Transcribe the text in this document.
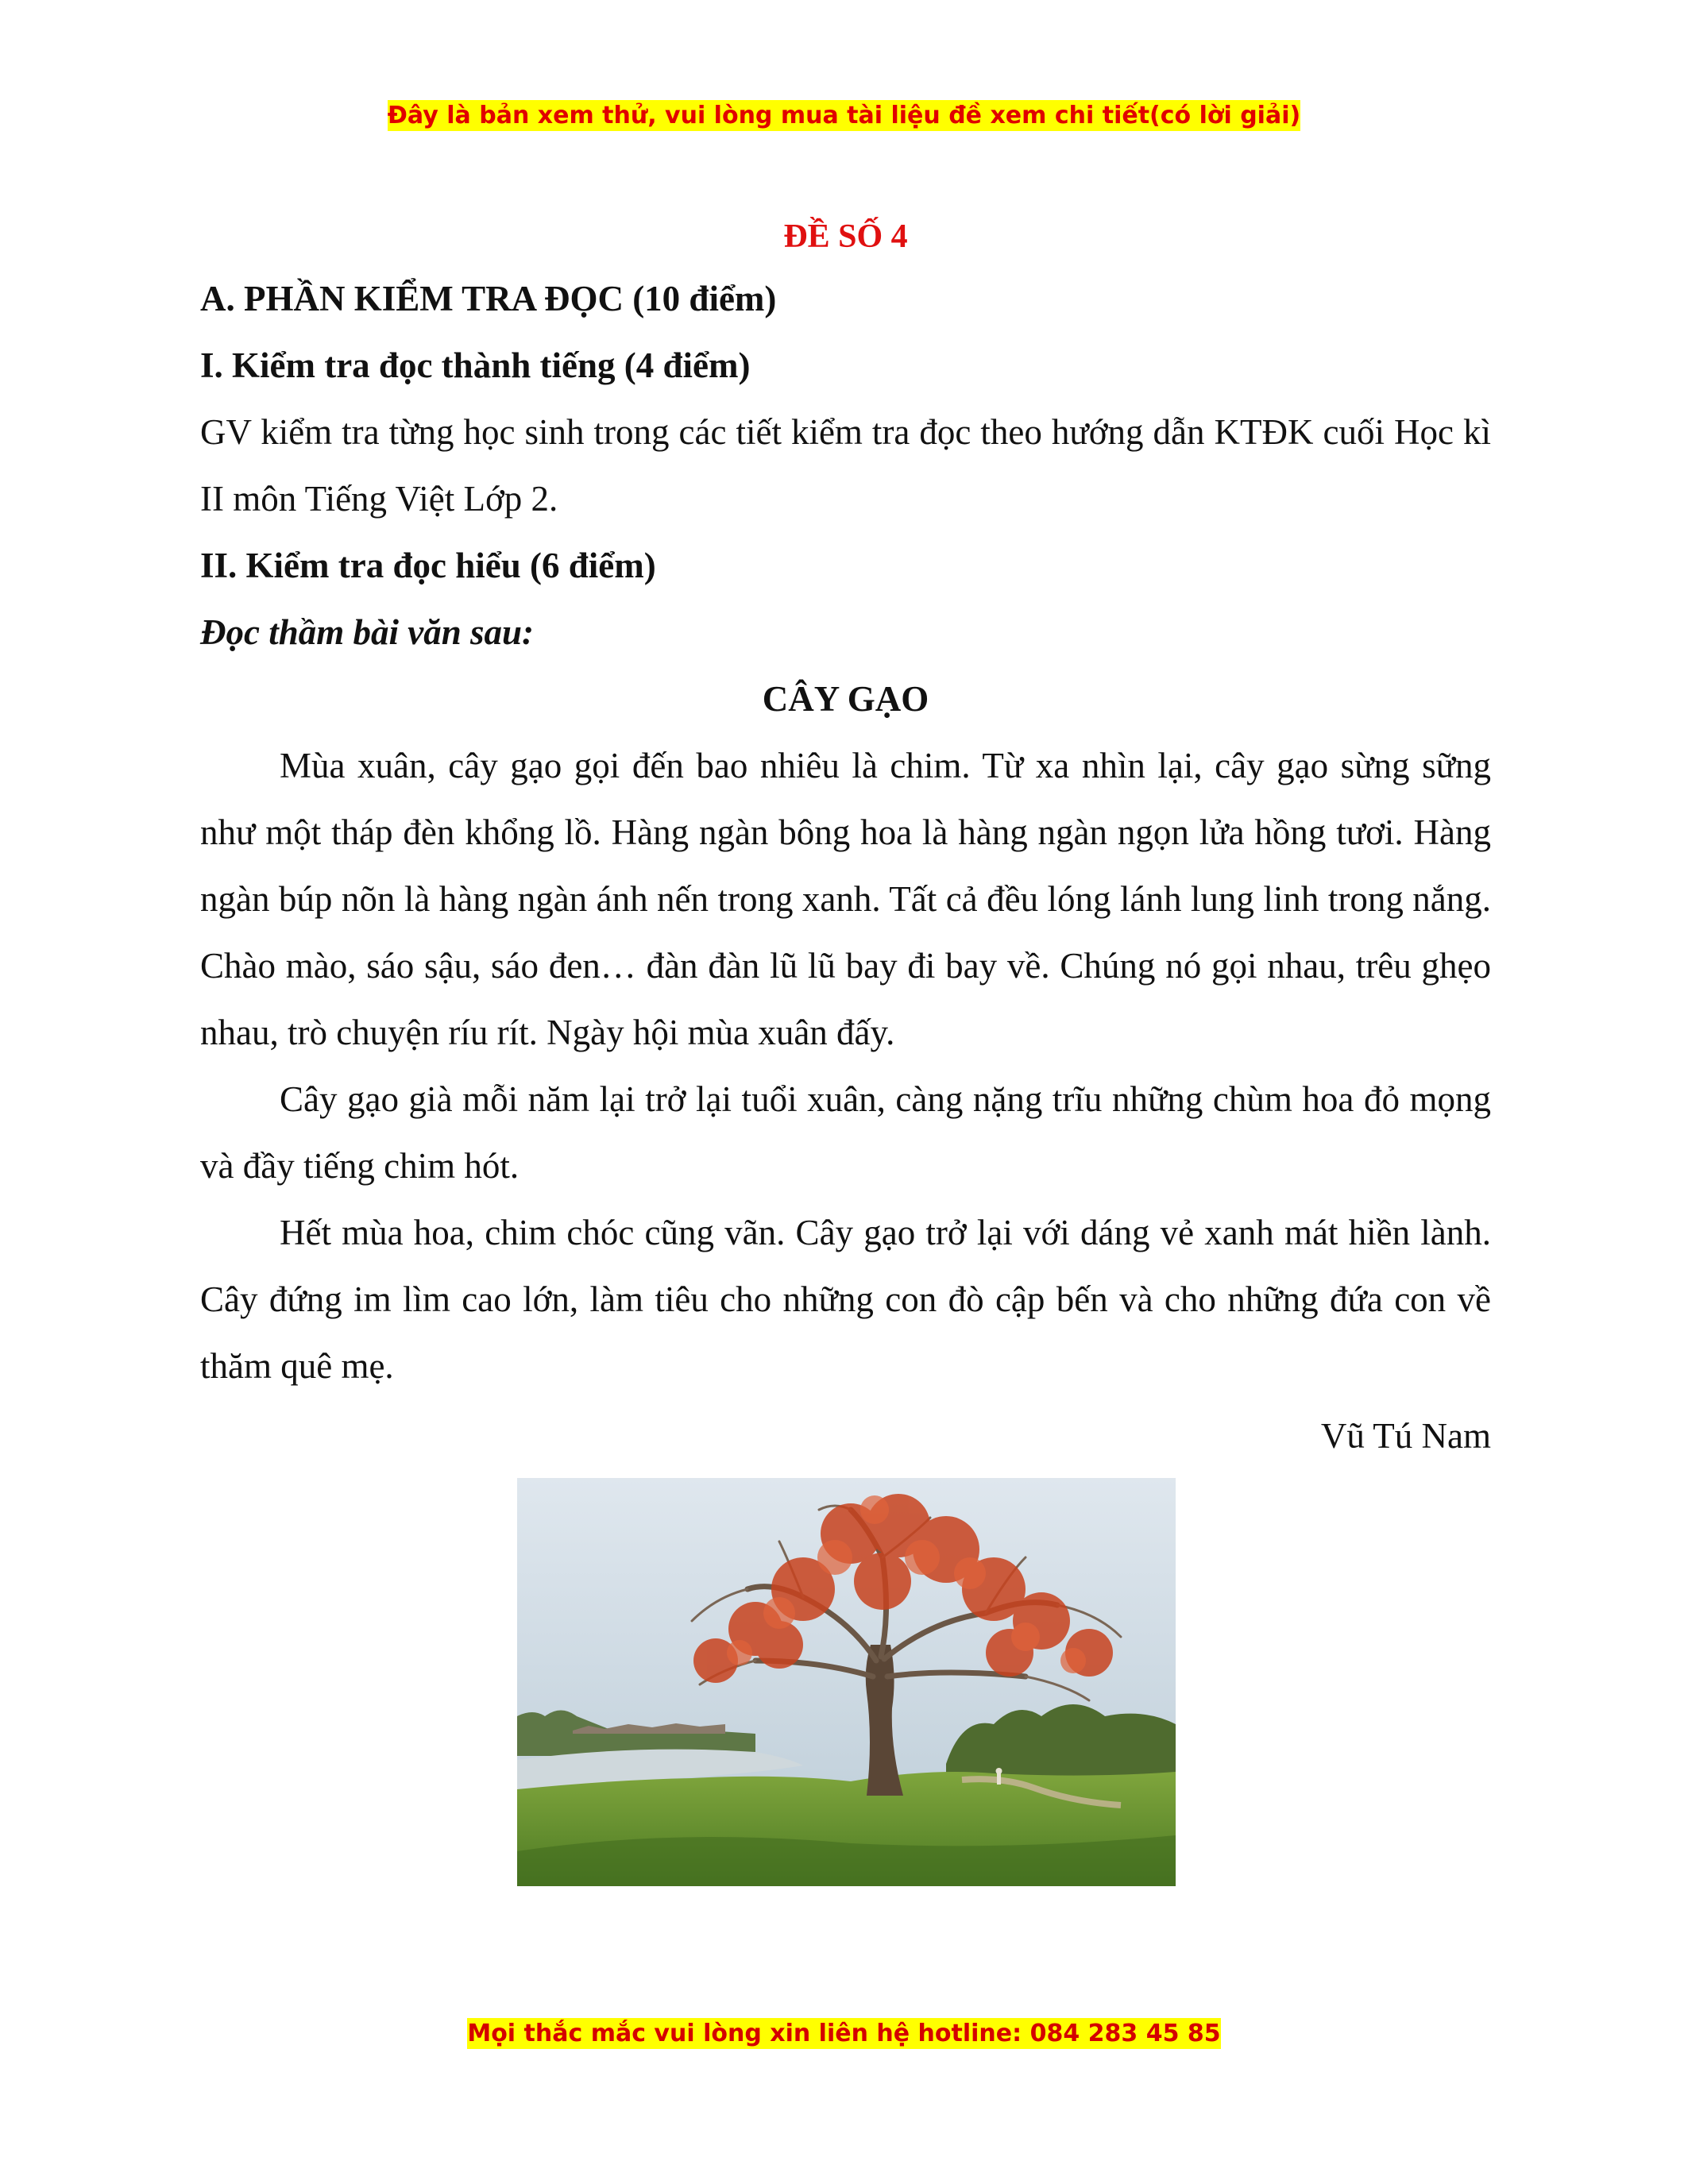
Đây là bản xem thử, vui lòng mua tài liệu đề xem chi tiết(có lời giải)

ĐỀ SỐ 4

A. PHẦN KIỂM TRA ĐỌC (10 điểm)

I. Kiểm tra đọc thành tiếng (4 điểm)

GV kiểm tra từng học sinh trong các tiết kiểm tra đọc theo hướng dẫn KTĐK cuối Học kì II môn Tiếng Việt Lớp 2.

II. Kiểm tra đọc hiểu (6 điểm)

Đọc thầm bài văn sau:

CÂY GẠO

Mùa xuân, cây gạo gọi đến bao nhiêu là chim. Từ xa nhìn lại, cây gạo sừng sững như một tháp đèn khổng lồ. Hàng ngàn bông hoa là hàng ngàn ngọn lửa hồng tươi. Hàng ngàn búp nõn là hàng ngàn ánh nến trong xanh. Tất cả đều lóng lánh lung linh trong nắng. Chào mào, sáo sậu, sáo đen… đàn đàn lũ lũ bay đi bay về. Chúng nó gọi nhau, trêu ghẹo nhau, trò chuyện ríu rít. Ngày hội mùa xuân đấy.

Cây gạo già mỗi năm lại trở lại tuổi xuân, càng nặng trĩu những chùm hoa đỏ mọng và đầy tiếng chim hót.

Hết mùa hoa, chim chóc cũng vãn. Cây gạo trở lại với dáng vẻ xanh mát hiền lành. Cây đứng im lìm cao lớn, làm tiêu cho những con đò cập bến và cho những đứa con về thăm quê mẹ.

Vũ Tú Nam

Mọi thắc mắc vui lòng xin liên hệ hotline: 084 283 45 85
